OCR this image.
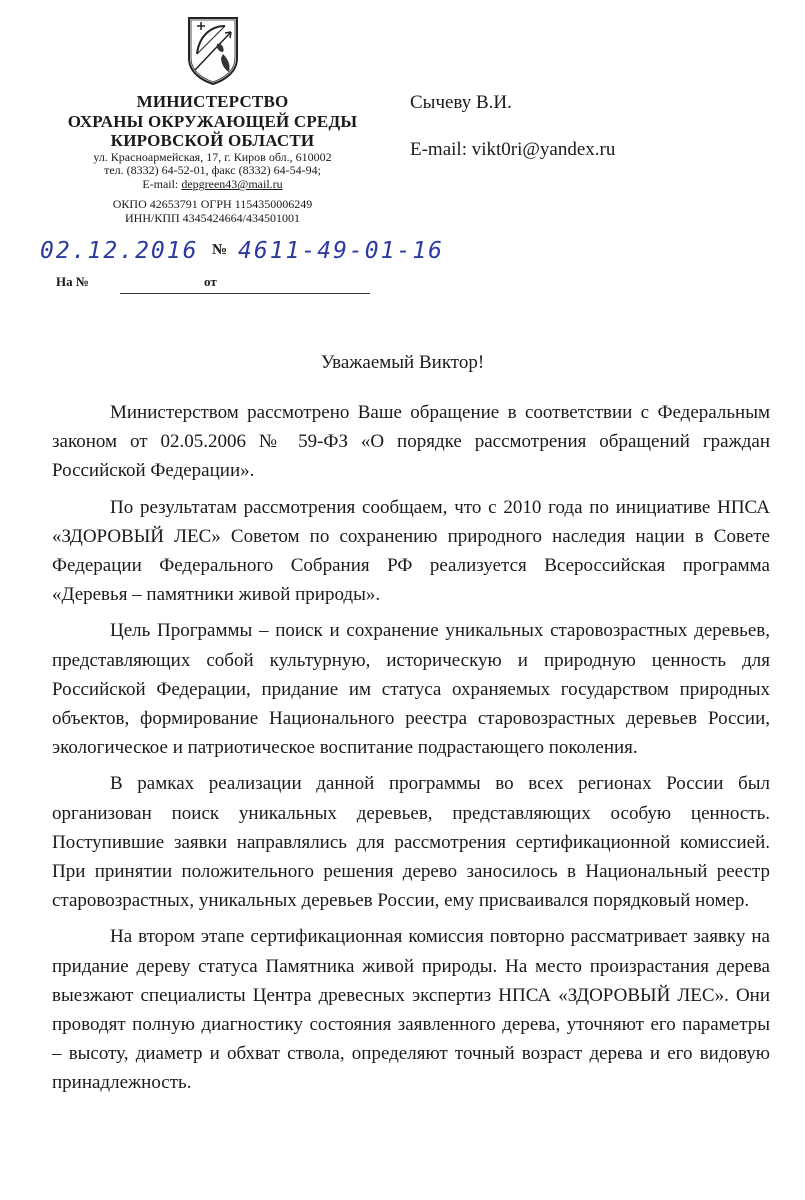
МИНИСТЕРСТВО
ОХРАНЫ ОКРУЖАЮЩЕЙ СРЕДЫ
КИРОВСКОЙ ОБЛАСТИ
ул. Красноармейская, 17, г. Киров обл., 610002
тел. (8332) 64-52-01, факс (8332) 64-54-94;
E-mail: depgreen43@mail.ru
ОКПО 42653791 ОГРН 1154350006249
ИНН/КПП 4345424664/434501001
02.12.2016 № 4611-49-01-16
На №	от
Сычеву В.И.
E-mail: vikt0ri@yandex.ru
Уважаемый Виктор!

Министерством рассмотрено Ваше обращение в соответствии с Федеральным законом от 02.05.2006 № 59-ФЗ «О порядке рассмотрения обращений граждан Российской Федерации».

По результатам рассмотрения сообщаем, что с 2010 года по инициативе НПСА «ЗДОРОВЫЙ ЛЕС» Советом по сохранению природного наследия нации в Совете Федерации Федерального Собрания РФ реализуется Всероссийская программа «Деревья – памятники живой природы».

Цель Программы – поиск и сохранение уникальных старовозрастных деревьев, представляющих собой культурную, историческую и природную ценность для Российской Федерации, придание им статуса охраняемых государством природных объектов, формирование Национального реестра старовозрастных деревьев России, экологическое и патриотическое воспитание подрастающего поколения.

В рамках реализации данной программы во всех регионах России был организован поиск уникальных деревьев, представляющих особую ценность. Поступившие заявки направлялись для рассмотрения сертификационной комиссией. При принятии положительного решения дерево заносилось в Национальный реестр старовозрастных, уникальных деревьев России, ему присваивался порядковый номер.

На втором этапе сертификационная комиссия повторно рассматривает заявку на придание дереву статуса Памятника живой природы. На место произрастания дерева выезжают специалисты Центра древесных экспертиз НПСА «ЗДОРОВЫЙ ЛЕС». Они проводят полную диагностику состояния заявленного дерева, уточняют его параметры – высоту, диаметр и обхват ствола, определяют точный возраст дерева и его видовую принадлежность.
